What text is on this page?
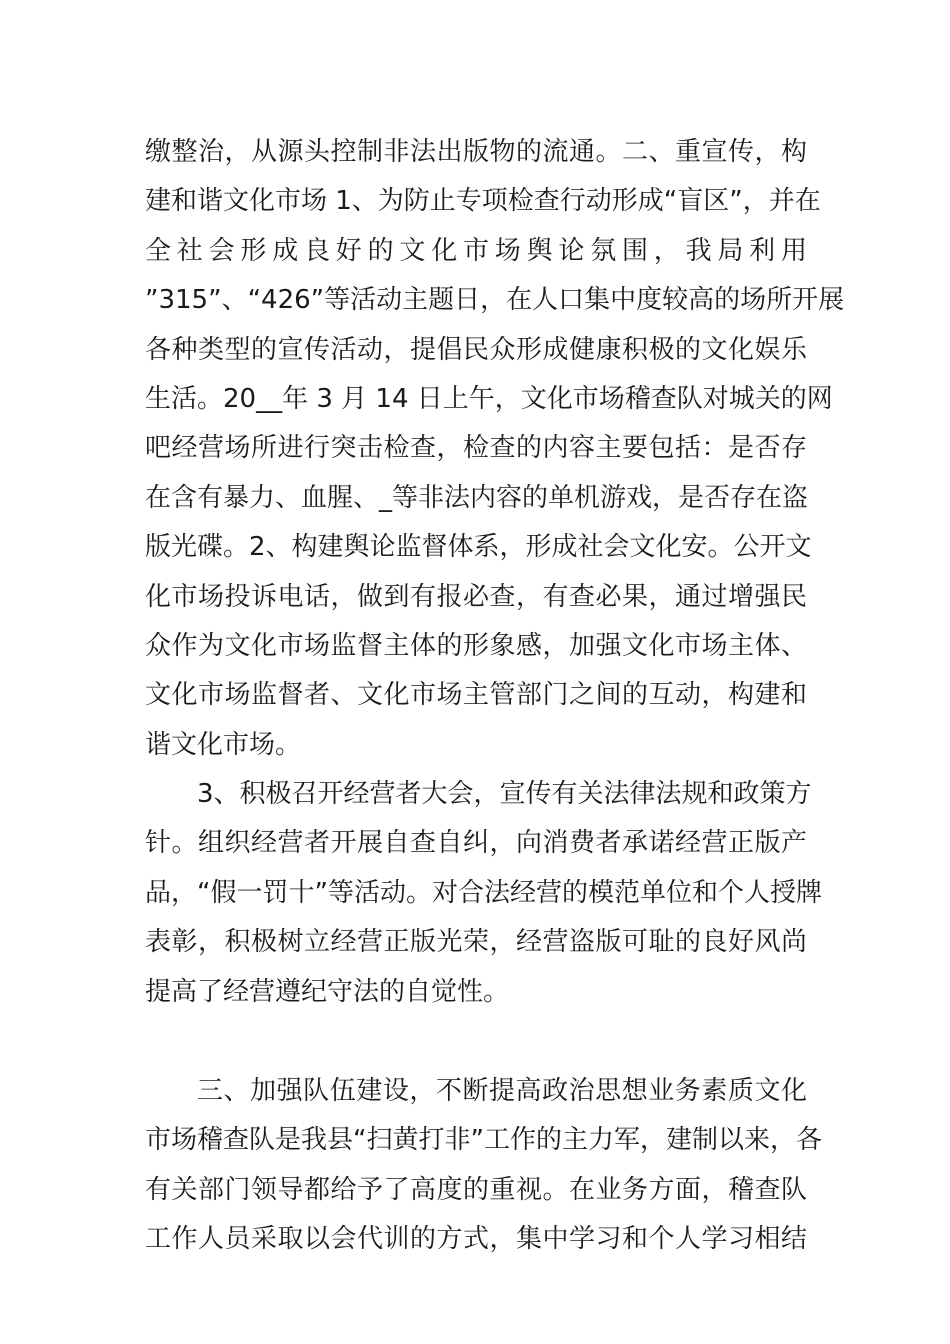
缴整治，从源头控制非法出版物的流通。二、重宣传，构
建和谐文化市场 1、为防止专项检查行动形成“盲区”，并在
全社会形成良好的文化市场舆论氛围，我局利用
”315”、“426”等活动主题日，在人口集中度较高的场所开展
各种类型的宣传活动，提倡民众形成健康积极的文化娱乐
生活。20__年 3 月 14 日上午，文化市场稽查队对城关的网
吧经营场所进行突击检查，检查的内容主要包括：是否存
在含有暴力、血腥、_等非法内容的单机游戏，是否存在盗
版光碟。2、构建舆论监督体系，形成社会文化安。公开文
化市场投诉电话，做到有报必查，有查必果，通过增强民
众作为文化市场监督主体的形象感，加强文化市场主体、
文化市场监督者、文化市场主管部门之间的互动，构建和
谐文化市场。
3、积极召开经营者大会，宣传有关法律法规和政策方
针。组织经营者开展自查自纠，向消费者承诺经营正版产
品，“假一罚十”等活动。对合法经营的模范单位和个人授牌
表彰，积极树立经营正版光荣，经营盗版可耻的良好风尚
提高了经营遵纪守法的自觉性。
三、加强队伍建设，不断提高政治思想业务素质文化
市场稽查队是我县“扫黄打非”工作的主力军，建制以来，各
有关部门领导都给予了高度的重视。在业务方面，稽查队
工作人员采取以会代训的方式，集中学习和个人学习相结
